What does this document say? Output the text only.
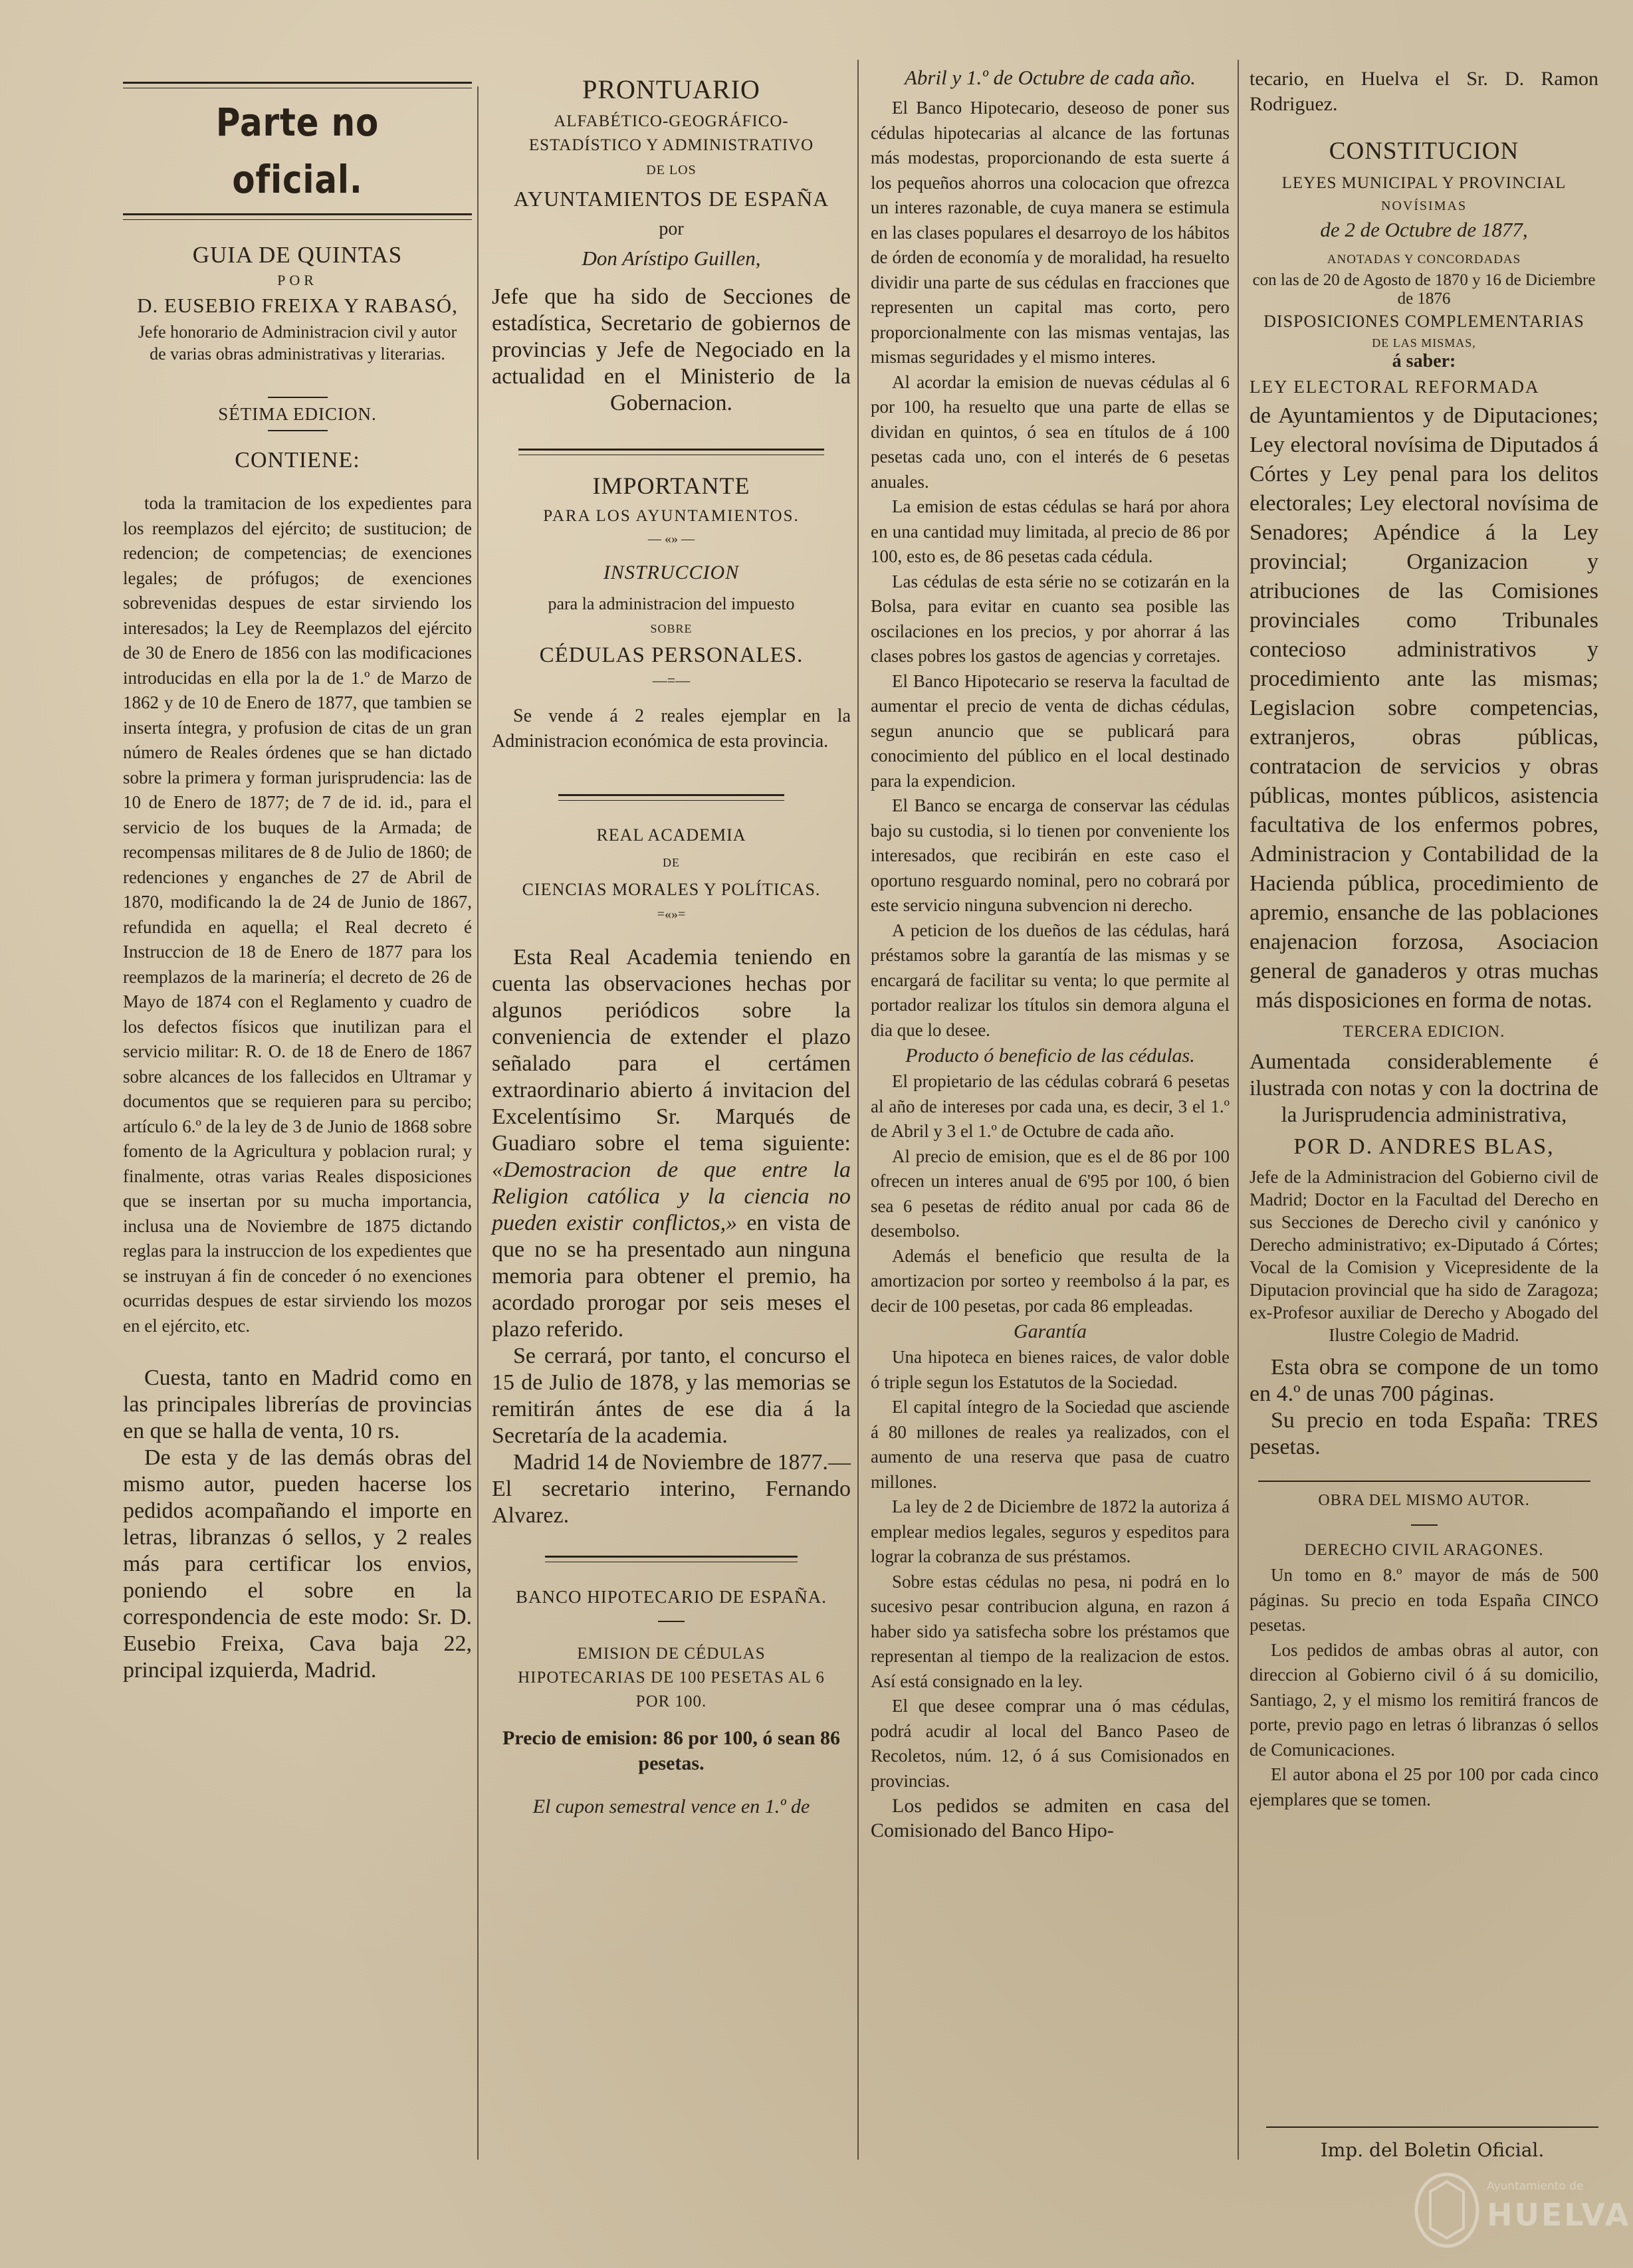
Parte no oficial.
GUIA DE QUINTAS
POR
D. EUSEBIO FREIXA Y RABASÓ,
Jefe honorario de Administracion civil y autor de varias obras administrativas y literarias.
SÉTIMA EDICION.
CONTIENE:

toda la tramitacion de los expedientes para los reemplazos del ejército; de sustitucion; de redencion; de competencias; de exenciones legales; de prófugos; de exenciones sobrevenidas despues de estar sirviendo los interesados; la Ley de Reemplazos del ejército de 30 de Enero de 1856 con las modificaciones introducidas en ella por la de 1.º de Marzo de 1862 y de 10 de Enero de 1877, que tambien se inserta íntegra, y profusion de citas de un gran número de Reales órdenes que se han dictado sobre la primera y forman jurisprudencia: las de 10 de Enero de 1877; de 7 de id. id., para el servicio de los buques de la Armada; de recompensas militares de 8 de Julio de 1860; de redenciones y enganches de 27 de Abril de 1870, modificando la de 24 de Junio de 1867, refundida en aquella; el Real decreto é Instruccion de 18 de Enero de 1877 para los reemplazos de la marinería; el decreto de 26 de Mayo de 1874 con el Reglamento y cuadro de los defectos físicos que inutilizan para el servicio militar: R. O. de 18 de Enero de 1867 sobre alcances de los fallecidos en Ultramar y documentos que se requieren para su percibo; artículo 6.º de la ley de 3 de Junio de 1868 sobre fomento de la Agricultura y poblacion rural; y finalmente, otras varias Reales disposiciones que se insertan por su mucha importancia, inclusa una de Noviembre de 1875 dictando reglas para la instruccion de los expedientes que se instruyan á fin de conceder ó no exenciones ocurridas despues de estar sirviendo los mozos en el ejército, etc.

Cuesta, tanto en Madrid como en las principales librerías de provincias en que se halla de venta, 10 rs.

De esta y de las demás obras del mismo autor, pueden hacerse los pedidos acompañando el importe en letras, libranzas ó sellos, y 2 reales más para certificar los envios, poniendo el sobre en la correspondencia de este modo: Sr. D. Eusebio Freixa, Cava baja 22, principal izquierda, Madrid.

PRONTUARIO
ALFABÉTICO-GEOGRÁFICO-ESTADÍSTICO Y ADMINISTRATIVO
DE LOS
AYUNTAMIENTOS DE ESPAÑA
por
Don Arístipo Guillen,

Jefe que ha sido de Secciones de estadística, Secretario de gobiernos de provincias y Jefe de Negociado en la actualidad en el Ministerio de la Gobernacion.

IMPORTANTE
PARA LOS AYUNTAMIENTOS.
— «» —
INSTRUCCION
para la administracion del impuesto
SOBRE
CÉDULAS PERSONALES.
—=—

Se vende á 2 reales ejemplar en la Administracion económica de esta provincia.

REAL ACADEMIA
DE
CIENCIAS MORALES Y POLÍTICAS.
=«»=

Esta Real Academia teniendo en cuenta las observaciones hechas por algunos periódicos sobre la conveniencia de extender el plazo señalado para el certámen extraordinario abierto á invitacion del Excelentísimo Sr. Marqués de Guadiaro sobre el tema siguiente: «Demostracion de que entre la Religion católica y la ciencia no pueden existir conflictos,» en vista de que no se ha presentado aun ninguna memoria para obtener el premio, ha acordado prorogar por seis meses el plazo referido.

Se cerrará, por tanto, el concurso el 15 de Julio de 1878, y las memorias se remitirán ántes de ese dia á la Secretaría de la academia.

Madrid 14 de Noviembre de 1877.—El secretario interino, Fernando Alvarez.

BANCO HIPOTECARIO DE ESPAÑA.
EMISION DE CÉDULAS HIPOTECARIAS DE 100 PESETAS AL 6 POR 100.
Precio de emision: 86 por 100, ó sean 86 pesetas.
El cupon semestral vence en 1.º de
Abril y 1.º de Octubre de cada año.

El Banco Hipotecario, deseoso de poner sus cédulas hipotecarias al alcance de las fortunas más modestas, proporcionando de esta suerte á los pequeños ahorros una colocacion que ofrezca un interes razonable, de cuya manera se estimula en las clases populares el desarroyo de los hábitos de órden de economía y de moralidad, ha resuelto dividir una parte de sus cédulas en fracciones que representen un capital mas corto, pero proporcionalmente con las mismas ventajas, las mismas seguridades y el mismo interes.

Al acordar la emision de nuevas cédulas al 6 por 100, ha resuelto que una parte de ellas se dividan en quintos, ó sea en títulos de á 100 pesetas cada uno, con el interés de 6 pesetas anuales.

La emision de estas cédulas se hará por ahora en una cantidad muy limitada, al precio de 86 por 100, esto es, de 86 pesetas cada cédula.

Las cédulas de esta série no se cotizarán en la Bolsa, para evitar en cuanto sea posible las oscilaciones en los precios, y por ahorrar á las clases pobres los gastos de agencias y corretajes.

El Banco Hipotecario se reserva la facultad de aumentar el precio de venta de dichas cédulas, segun anuncio que se publicará para conocimiento del público en el local destinado para la expendicion.

El Banco se encarga de conservar las cédulas bajo su custodia, si lo tienen por conveniente los interesados, que recibirán en este caso el oportuno resguardo nominal, pero no cobrará por este servicio ninguna subvencion ni derecho.

A peticion de los dueños de las cédulas, hará préstamos sobre la garantía de las mismas y se encargará de facilitar su venta; lo que permite al portador realizar los títulos sin demora alguna el dia que lo desee.

Producto ó beneficio de las cédulas.

El propietario de las cédulas cobrará 6 pesetas al año de intereses por cada una, es decir, 3 el 1.º de Abril y 3 el 1.º de Octubre de cada año.

Al precio de emision, que es el de 86 por 100 ofrecen un interes anual de 6'95 por 100, ó bien sea 6 pesetas de rédito anual por cada 86 de desembolso.

Además el beneficio que resulta de la amortizacion por sorteo y reembolso á la par, es decir de 100 pesetas, por cada 86 empleadas.

Garantía

Una hipoteca en bienes raices, de valor doble ó triple segun los Estatutos de la Sociedad.

El capital íntegro de la Sociedad que asciende á 80 millones de reales ya realizados, con el aumento de una reserva que pasa de cuatro millones.

La ley de 2 de Diciembre de 1872 la autoriza á emplear medios legales, seguros y espeditos para lograr la cobranza de sus préstamos.

Sobre estas cédulas no pesa, ni podrá en lo sucesivo pesar contribucion alguna, en razon á haber sido ya satisfecha sobre los préstamos que representan al tiempo de la realizacion de estos. Así está consignado en la ley.

El que desee comprar una ó mas cédulas, podrá acudir al local del Banco Paseo de Recoletos, núm. 12, ó á sus Comisionados en provincias.

Los pedidos se admiten en casa del Comisionado del Banco Hipo-

tecario, en Huelva el Sr. D. Ramon Rodriguez.

CONSTITUCION
LEYES MUNICIPAL Y PROVINCIAL
NOVÍSIMAS
de 2 de Octubre de 1877,
ANOTADAS Y CONCORDADAS
con las de 20 de Agosto de 1870 y 16 de Diciembre de 1876
DISPOSICIONES COMPLEMENTARIAS
DE LAS MISMAS,
á saber:
LEY ELECTORAL REFORMADA

de Ayuntamientos y de Diputaciones; Ley electoral novísima de Diputados á Córtes y Ley penal para los delitos electorales; Ley electoral novísima de Senadores; Apéndice á la Ley provincial; Organizacion y atribuciones de las Comisiones provinciales como Tribunales contecioso administrativos y procedimiento ante las mismas; Legislacion sobre competencias, extranjeros, obras públicas, contratacion de servicios y obras públicas, montes públicos, asistencia facultativa de los enfermos pobres, Administracion y Contabilidad de la Hacienda pública, procedimiento de apremio, ensanche de las poblaciones enajenacion forzosa, Asociacion general de ganaderos y otras muchas más disposiciones en forma de notas.

TERCERA EDICION.

Aumentada considerablemente é ilustrada con notas y con la doctrina de la Jurisprudencia administrativa,

POR D. ANDRES BLAS,

Jefe de la Administracion del Gobierno civil de Madrid; Doctor en la Facultad del Derecho en sus Secciones de Derecho civil y canónico y Derecho administrativo; ex-Diputado á Córtes; Vocal de la Comision y Vicepresidente de la Diputacion provincial que ha sido de Zaragoza; ex-Profesor auxiliar de Derecho y Abogado del Ilustre Colegio de Madrid.

Esta obra se compone de un tomo en 4.º de unas 700 páginas.

Su precio en toda España: TRES pesetas.

OBRA DEL MISMO AUTOR.
DERECHO CIVIL ARAGONES.

Un tomo en 8.º mayor de más de 500 páginas. Su precio en toda España CINCO pesetas.

Los pedidos de ambas obras al autor, con direccion al Gobierno civil ó á su domicilio, Santiago, 2, y el mismo los remitirá francos de porte, previo pago en letras ó libranzas ó sellos de Comunicaciones.

El autor abona el 25 por 100 por cada cinco ejemplares que se tomen.

Imp. del Boletin Oficial.
Ayuntamiento de
HUELVA
